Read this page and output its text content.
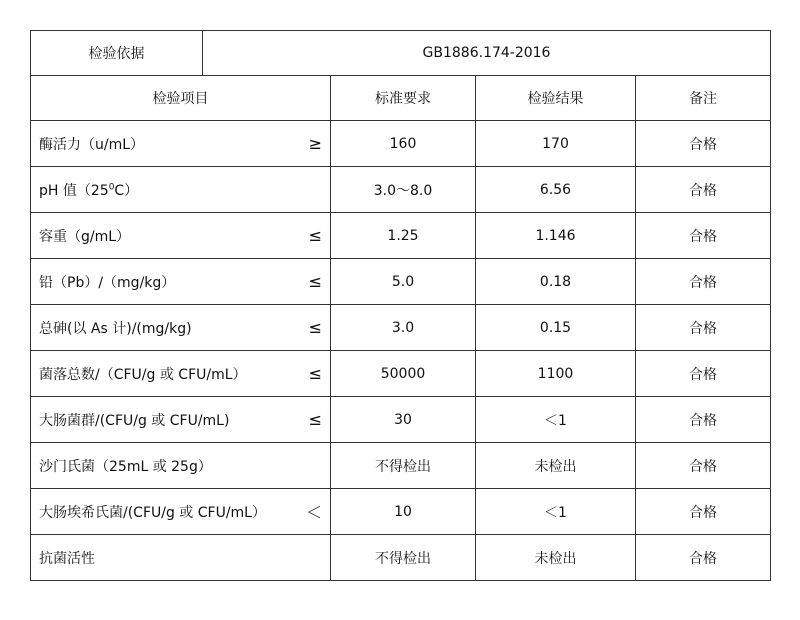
检验依据	GB1886.174-2016
检验项目	标准要求	检验结果	备注

酶活力（u/mL） ≥	160	170	合格

pH 值$(25^0C)$	3.0～8.0	6.56	合格

容重（g/mL） ≤	1.25	1.146	合格

铅（Pb）/（mg/kg） ≤	5.0	0.18	合格

总砷(以 As 计)/(mg/kg) ≤	3.0	0.15	合格

菌落总数/（CFU/g 或 CFU/mL） ≤	50000	1100	合格

大肠菌群/(CFU/g 或 CFU/mL) ≤	30	＜1	合格

沙门氏菌（25mL 或 25g）	不得检出	未检出	合格

大肠埃希氏菌/(CFU/g 或 CFU/mL） ＜	10	＜1	合格

抗菌活性	不得检出	未检出	合格
